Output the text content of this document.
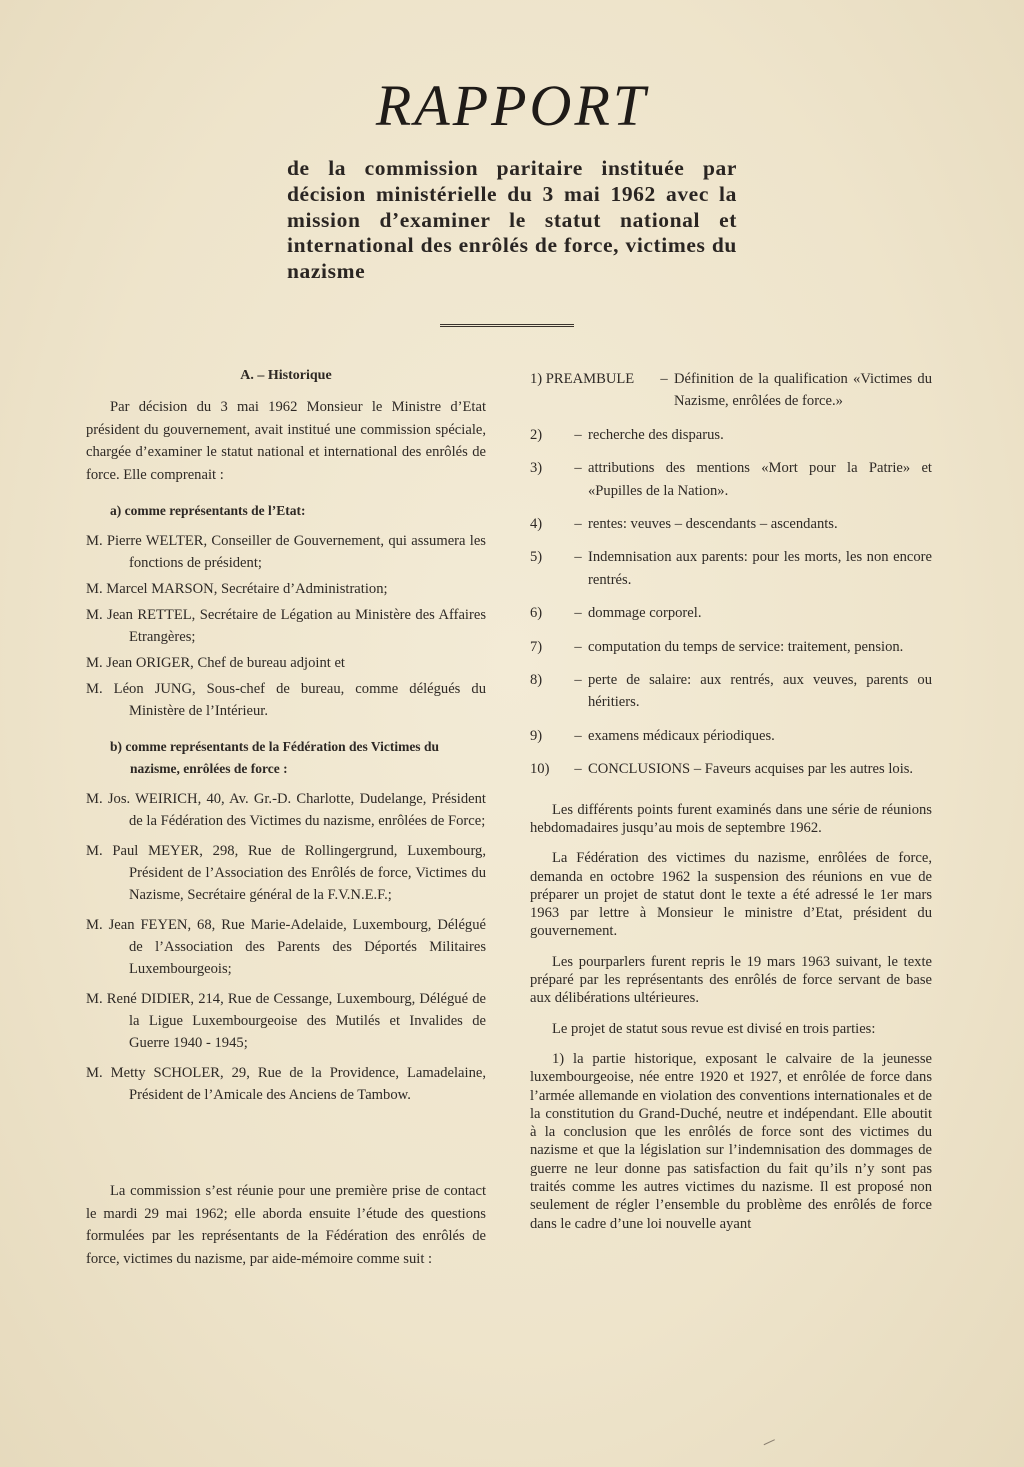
RAPPORT
de la commission paritaire instituée par décision ministérielle du 3 mai 1962 avec la mission d’examiner le statut national et international des enrôlés de force, victimes du nazisme
A. – Historique

Par décision du 3 mai 1962 Monsieur le Ministre d’Etat président du gouvernement, avait institué une commission spéciale, chargée d’examiner le statut national et international des enrôlés de force. Elle comprenait :

a) comme représentants de l’Etat:

M. Pierre WELTER, Conseiller de Gouvernement, qui assumera les fonctions de président;

M. Marcel MARSON, Secrétaire d’Administration;

M. Jean RETTEL, Secrétaire de Légation au Ministère des Affaires Etrangères;

M. Jean ORIGER, Chef de bureau adjoint et

M. Léon JUNG, Sous-chef de bureau, comme délégués du Ministère de l’Intérieur.

b) comme représentants de la Fédération des Victimes du nazisme, enrôlées de force :

M. Jos. WEIRICH, 40, Av. Gr.-D. Charlotte, Dudelange, Président de la Fédération des Victimes du nazisme, enrôlées de Force;

M. Paul MEYER, 298, Rue de Rollingergrund, Luxembourg, Président de l’Association des Enrôlés de force, Victimes du Nazisme, Secrétaire général de la F.V.N.E.F.;

M. Jean FEYEN, 68, Rue Marie-Adelaide, Luxembourg, Délégué de l’Association des Parents des Déportés Militaires Luxembourgeois;

M. René DIDIER, 214, Rue de Cessange, Luxembourg, Délégué de la Ligue Luxembourgeoise des Mutilés et Invalides de Guerre 1940 - 1945;

M. Metty SCHOLER, 29, Rue de la Providence, Lamadelaine, Président de l’Amicale des Anciens de Tambow.

La commission s’est réunie pour une première prise de contact le mardi 29 mai 1962; elle aborda ensuite l’étude des questions formulées par les représentants de la Fédération des enrôlés de force, victimes du nazisme, par aide-mémoire comme suit :

1) PREAMBULE	– Définition de la qualification «Victimes du Nazisme, enrôlées de force.»
2)	– recherche des disparus.
3)	– attributions des mentions «Mort pour la Patrie» et «Pupilles de la Nation».
4)	– rentes: veuves – descendants – ascendants.
5)	– Indemnisation aux parents: pour les morts, les non encore rentrés.
6)	– dommage corporel.
7)	– computation du temps de service: traitement, pension.
8)	– perte de salaire: aux rentrés, aux veuves, parents ou héritiers.
9)	– examens médicaux périodiques.
10)	– CONCLUSIONS – Faveurs acquises par les autres lois.

Les différents points furent examinés dans une série de réunions hebdomadaires jusqu’au mois de septembre 1962.

La Fédération des victimes du nazisme, enrôlées de force, demanda en octobre 1962 la suspension des réunions en vue de préparer un projet de statut dont le texte a été adressé le 1er mars 1963 par lettre à Monsieur le ministre d’Etat, président du gouvernement.

Les pourparlers furent repris le 19 mars 1963 suivant, le texte préparé par les représentants des enrôlés de force servant de base aux délibérations ultérieures.

Le projet de statut sous revue est divisé en trois parties:

1) la partie historique, exposant le calvaire de la jeunesse luxembourgeoise, née entre 1920 et 1927, et enrôlée de force dans l’armée allemande en violation des conventions internationales et de la constitution du Grand-Duché, neutre et indépendant. Elle aboutit à la conclusion que les enrôlés de force sont des victimes du nazisme et que la législation sur l’indemnisation des dommages de guerre ne leur donne pas satisfaction du fait qu’ils n’y sont pas traités comme les autres victimes du nazisme. Il est proposé non seulement de régler l’ensemble du problème des enrôlés de force dans le cadre d’une loi nouvelle ayant
